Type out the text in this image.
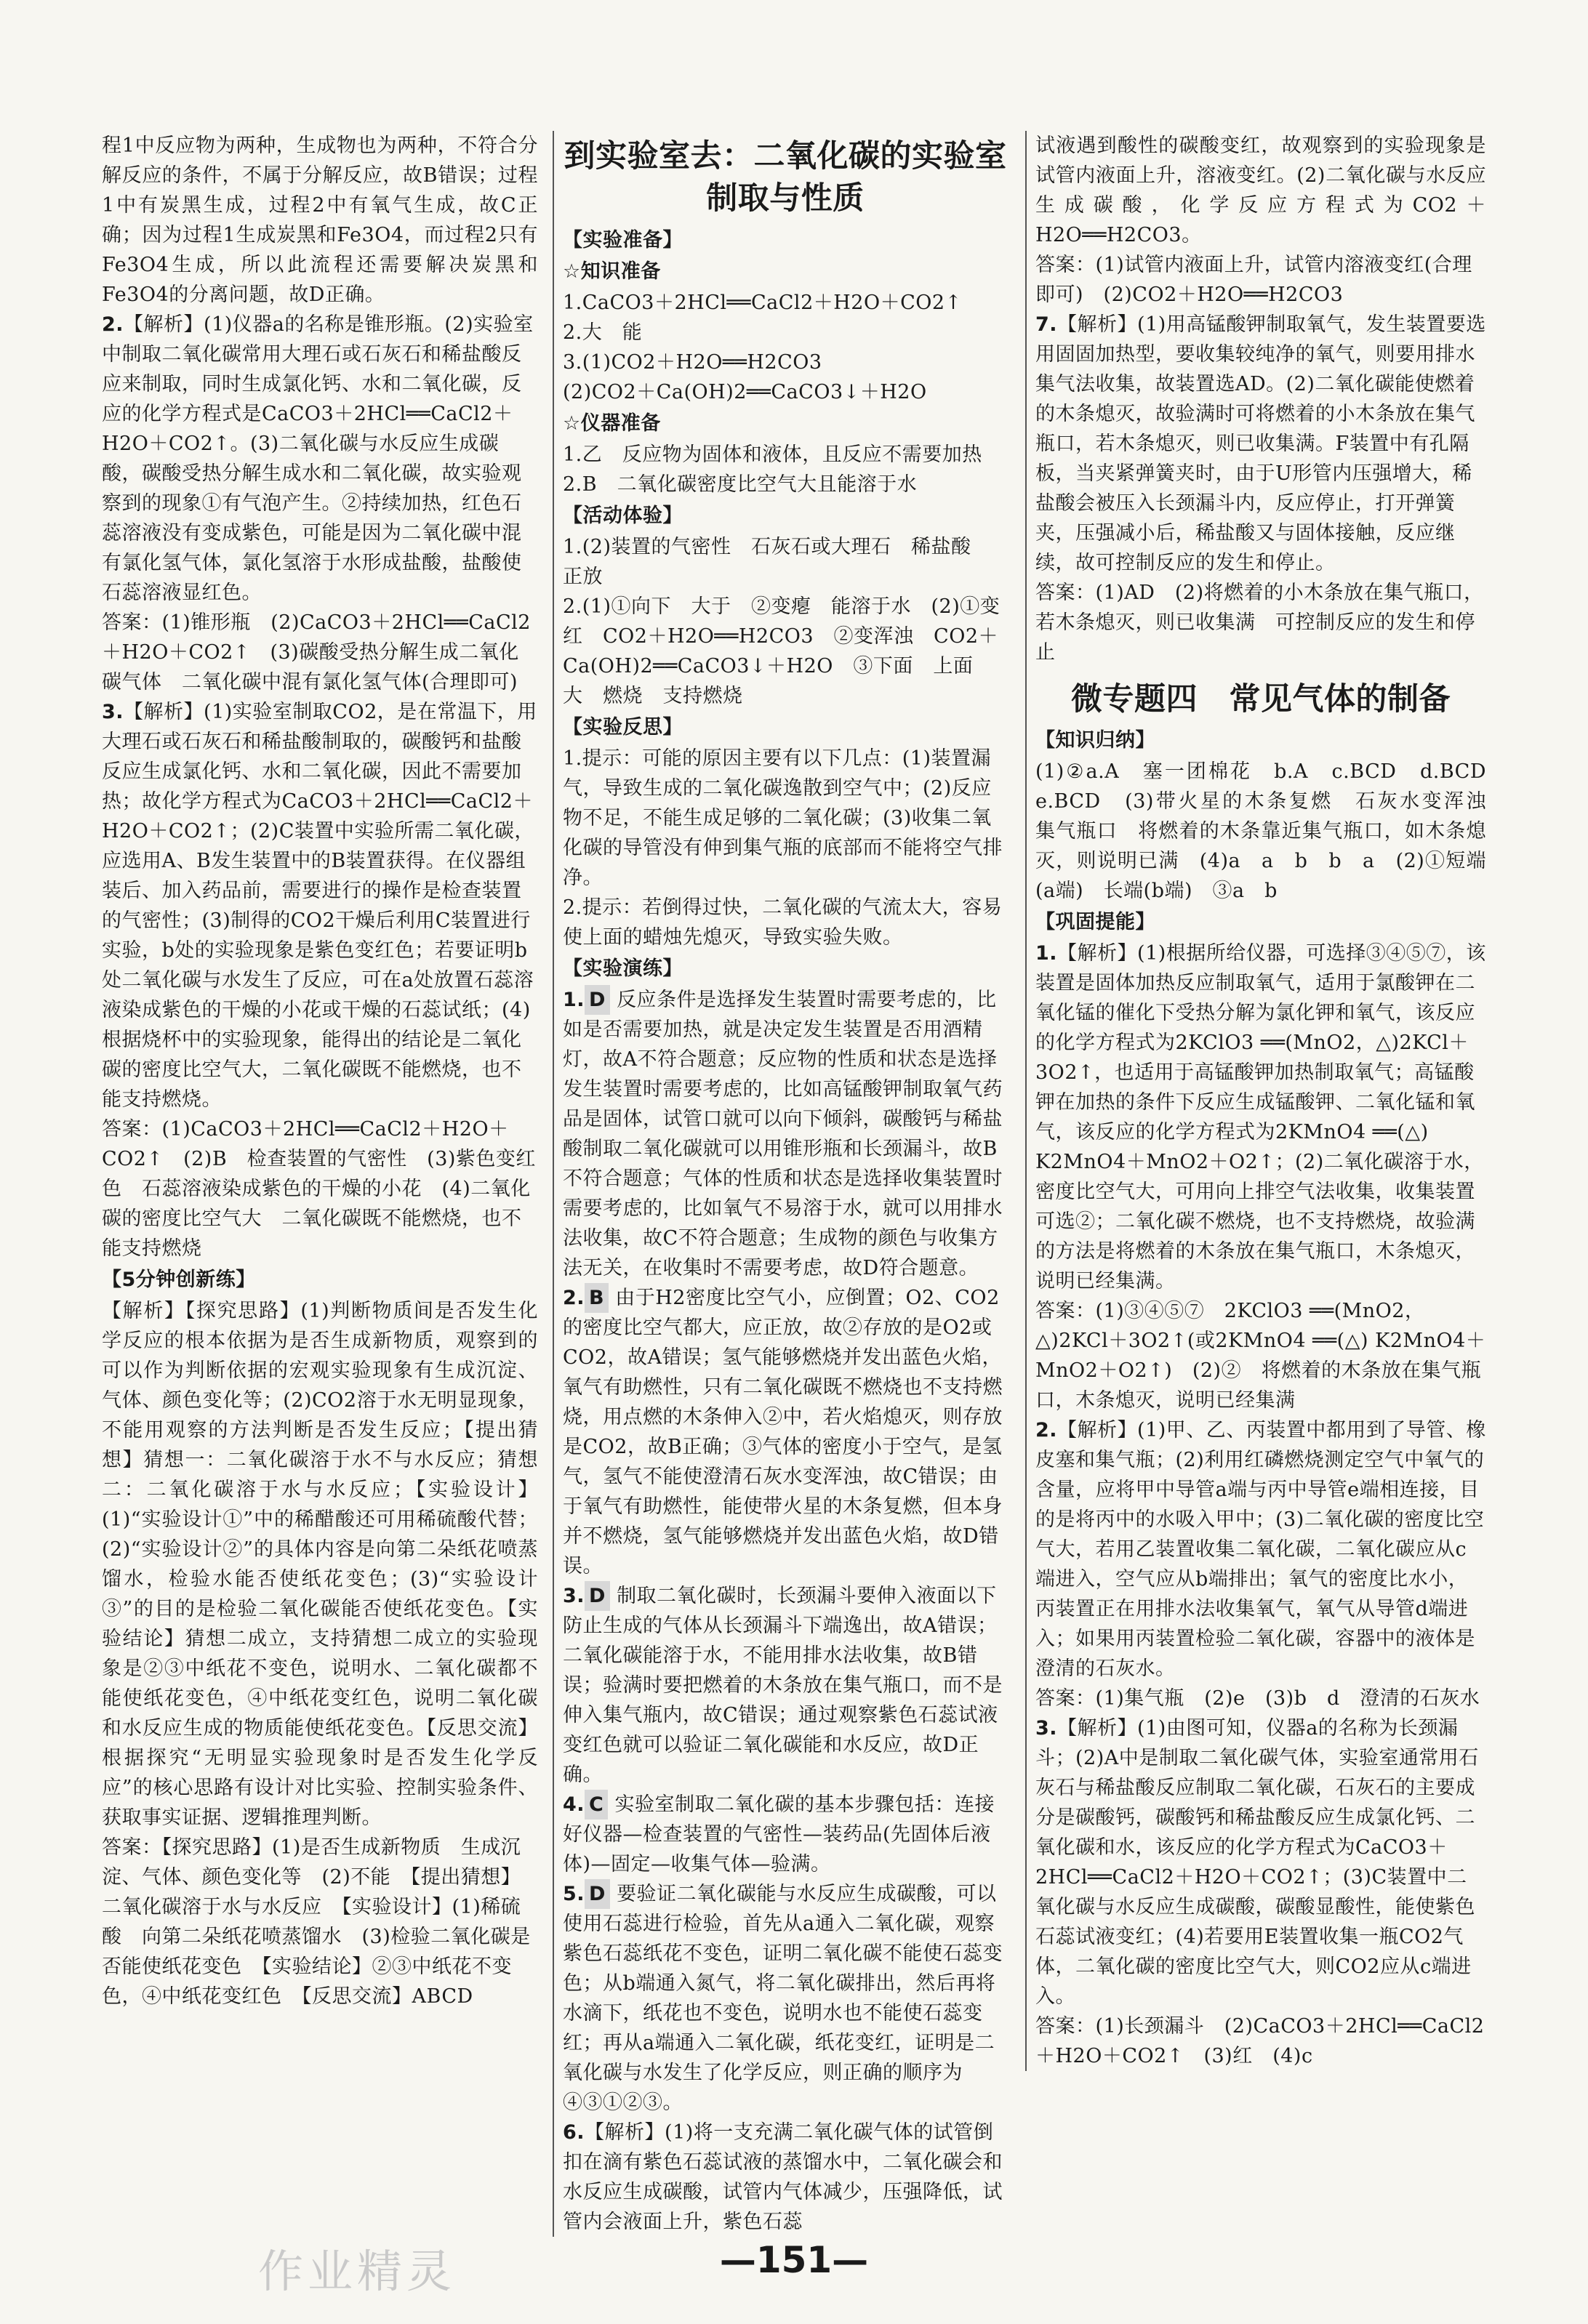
程1中反应物为两种，生成物也为两种，不符合分解反应的条件，不属于分解反应，故B错误；过程1中有炭黑生成，过程2中有氧气生成，故C正确；因为过程1生成炭黑和Fe3O4，而过程2只有Fe3O4生成，所以此流程还需要解决炭黑和Fe3O4的分离问题，故D正确。

2.【解析】(1)仪器a的名称是锥形瓶。(2)实验室中制取二氧化碳常用大理石或石灰石和稀盐酸反应来制取，同时生成氯化钙、水和二氧化碳，反应的化学方程式是CaCO3＋2HCl══CaCl2＋H2O＋CO2↑。(3)二氧化碳与水反应生成碳酸，碳酸受热分解生成水和二氧化碳，故实验观察到的现象①有气泡产生。②持续加热，红色石蕊溶液没有变成紫色，可能是因为二氧化碳中混有氯化氢气体，氯化氢溶于水形成盐酸，盐酸使石蕊溶液显红色。

答案：(1)锥形瓶　(2)CaCO3＋2HCl══CaCl2＋H2O＋CO2↑　(3)碳酸受热分解生成二氧化碳气体　二氧化碳中混有氯化氢气体(合理即可)

3.【解析】(1)实验室制取CO2，是在常温下，用大理石或石灰石和稀盐酸制取的，碳酸钙和盐酸反应生成氯化钙、水和二氧化碳，因此不需要加热；故化学方程式为CaCO3＋2HCl══CaCl2＋H2O＋CO2↑；(2)C装置中实验所需二氧化碳，应选用A、B发生装置中的B装置获得。在仪器组装后、加入药品前，需要进行的操作是检查装置的气密性；(3)制得的CO2干燥后利用C装置进行实验，b处的实验现象是紫色变红色；若要证明b处二氧化碳与水发生了反应，可在a处放置石蕊溶液染成紫色的干燥的小花或干燥的石蕊试纸；(4)根据烧杯中的实验现象，能得出的结论是二氧化碳的密度比空气大，二氧化碳既不能燃烧，也不能支持燃烧。

答案：(1)CaCO3＋2HCl══CaCl2＋H2O＋CO2↑　(2)B　检查装置的气密性　(3)紫色变红色　石蕊溶液染成紫色的干燥的小花　(4)二氧化碳的密度比空气大　二氧化碳既不能燃烧，也不能支持燃烧

【5分钟创新练】

【解析】【探究思路】(1)判断物质间是否发生化学反应的根本依据为是否生成新物质，观察到的可以作为判断依据的宏观实验现象有生成沉淀、气体、颜色变化等；(2)CO2溶于水无明显现象，不能用观察的方法判断是否发生反应；【提出猜想】猜想一：二氧化碳溶于水不与水反应；猜想二：二氧化碳溶于水与水反应；【实验设计】(1)“实验设计①”中的稀醋酸还可用稀硫酸代替；(2)“实验设计②”的具体内容是向第二朵纸花喷蒸馏水，检验水能否使纸花变色；(3)“实验设计③”的目的是检验二氧化碳能否使纸花变色。【实验结论】猜想二成立，支持猜想二成立的实验现象是②③中纸花不变色，说明水、二氧化碳都不能使纸花变色，④中纸花变红色，说明二氧化碳和水反应生成的物质能使纸花变色。【反思交流】根据探究“无明显实验现象时是否发生化学反应”的核心思路有设计对比实验、控制实验条件、获取事实证据、逻辑推理判断。

答案：【探究思路】(1)是否生成新物质　生成沉淀、气体、颜色变化等　(2)不能　【提出猜想】二氧化碳溶于水与水反应　【实验设计】(1)稀硫酸　向第二朵纸花喷蒸馏水　(3)检验二氧化碳是否能使纸花变色　【实验结论】②③中纸花不变色，④中纸花变红色　【反思交流】ABCD

到实验室去：二氧化碳的实验室制取与性质
【实验准备】
☆知识准备

1.CaCO3＋2HCl══CaCl2＋H2O＋CO2↑

2.大　能

3.(1)CO2＋H2O══H2CO3

(2)CO2＋Ca(OH)2══CaCO3↓＋H2O

☆仪器准备

1.乙　反应物为固体和液体，且反应不需要加热

2.B　二氧化碳密度比空气大且能溶于水

【活动体验】

1.(2)装置的气密性　石灰石或大理石　稀盐酸　正放

2.(1)①向下　大于　②变瘪　能溶于水　(2)①变红　CO2＋H2O══H2CO3　②变浑浊　CO2＋Ca(OH)2══CaCO3↓＋H2O　③下面　上面　大　燃烧　支持燃烧

【实验反思】

1.提示：可能的原因主要有以下几点：(1)装置漏气，导致生成的二氧化碳逸散到空气中；(2)反应物不足，不能生成足够的二氧化碳；(3)收集二氧化碳的导管没有伸到集气瓶的底部而不能将空气排净。

2.提示：若倒得过快，二氧化碳的气流太大，容易使上面的蜡烛先熄灭，导致实验失败。

【实验演练】

1. D 反应条件是选择发生装置时需要考虑的，比如是否需要加热，就是决定发生装置是否用酒精灯，故A不符合题意；反应物的性质和状态是选择发生装置时需要考虑的，比如高锰酸钾制取氧气药品是固体，试管口就可以向下倾斜，碳酸钙与稀盐酸制取二氧化碳就可以用锥形瓶和长颈漏斗，故B不符合题意；气体的性质和状态是选择收集装置时需要考虑的，比如氧气不易溶于水，就可以用排水法收集，故C不符合题意；生成物的颜色与收集方法无关，在收集时不需要考虑，故D符合题意。

2. B 由于H2密度比空气小，应倒置；O2、CO2的密度比空气都大，应正放，故②存放的是O2或CO2，故A错误；氢气能够燃烧并发出蓝色火焰，氧气有助燃性，只有二氧化碳既不燃烧也不支持燃烧，用点燃的木条伸入②中，若火焰熄灭，则存放是CO2，故B正确；③气体的密度小于空气，是氢气，氢气不能使澄清石灰水变浑浊，故C错误；由于氧气有助燃性，能使带火星的木条复燃，但本身并不燃烧，氢气能够燃烧并发出蓝色火焰，故D错误。

3. D 制取二氧化碳时，长颈漏斗要伸入液面以下防止生成的气体从长颈漏斗下端逸出，故A错误；二氧化碳能溶于水，不能用排水法收集，故B错误；验满时要把燃着的木条放在集气瓶口，而不是伸入集气瓶内，故C错误；通过观察紫色石蕊试液变红色就可以验证二氧化碳能和水反应，故D正确。

4. C 实验室制取二氧化碳的基本步骤包括：连接好仪器—检查装置的气密性—装药品(先固体后液体)—固定—收集气体—验满。

5. D 要验证二氧化碳能与水反应生成碳酸，可以使用石蕊进行检验，首先从a通入二氧化碳，观察紫色石蕊纸花不变色，证明二氧化碳不能使石蕊变色；从b端通入氮气，将二氧化碳排出，然后再将水滴下，纸花也不变色，说明水也不能使石蕊变红；再从a端通入二氧化碳，纸花变红，证明是二氧化碳与水发生了化学反应，则正确的顺序为④③①②③。

6.【解析】(1)将一支充满二氧化碳气体的试管倒扣在滴有紫色石蕊试液的蒸馏水中，二氧化碳会和水反应生成碳酸，试管内气体减少，压强降低，试管内会液面上升，紫色石蕊

试液遇到酸性的碳酸变红，故观察到的实验现象是试管内液面上升，溶液变红。(2)二氧化碳与水反应生成碳酸，化学反应方程式为CO2＋H2O══H2CO3。

答案：(1)试管内液面上升，试管内溶液变红(合理即可)　(2)CO2＋H2O══H2CO3

7.【解析】(1)用高锰酸钾制取氧气，发生装置要选用固固加热型，要收集较纯净的氧气，则要用排水集气法收集，故装置选AD。(2)二氧化碳能使燃着的木条熄灭，故验满时可将燃着的小木条放在集气瓶口，若木条熄灭，则已收集满。F装置中有孔隔板，当夹紧弹簧夹时，由于U形管内压强增大，稀盐酸会被压入长颈漏斗内，反应停止，打开弹簧夹，压强减小后，稀盐酸又与固体接触，反应继续，故可控制反应的发生和停止。

答案：(1)AD　(2)将燃着的小木条放在集气瓶口，若木条熄灭，则已收集满　可控制反应的发生和停止

微专题四　常见气体的制备
【知识归纳】

(1)②a.A　塞一团棉花　b.A　c.BCD　d.BCD　e.BCD　(3)带火星的木条复燃　石灰水变浑浊　集气瓶口　将燃着的木条靠近集气瓶口，如木条熄灭，则说明已满　(4)a　a　b　b　a　(2)①短端(a端)　长端(b端)　③a　b

【巩固提能】

1.【解析】(1)根据所给仪器，可选择③④⑤⑦，该装置是固体加热反应制取氧气，适用于氯酸钾在二氧化锰的催化下受热分解为氯化钾和氧气，该反应的化学方程式为2KClO3 ══(MnO2，△)2KCl＋3O2↑，也适用于高锰酸钾加热制取氧气；高锰酸钾在加热的条件下反应生成锰酸钾、二氧化锰和氧气，该反应的化学方程式为2KMnO4 ══(△) K2MnO4＋MnO2＋O2↑；(2)二氧化碳溶于水，密度比空气大，可用向上排空气法收集，收集装置可选②；二氧化碳不燃烧，也不支持燃烧，故验满的方法是将燃着的木条放在集气瓶口，木条熄灭，说明已经集满。

答案：(1)③④⑤⑦　2KClO3 ══(MnO2，△)2KCl＋3O2↑(或2KMnO4 ══(△) K2MnO4＋MnO2＋O2↑)　(2)②　将燃着的木条放在集气瓶口，木条熄灭，说明已经集满

2.【解析】(1)甲、乙、丙装置中都用到了导管、橡皮塞和集气瓶；(2)利用红磷燃烧测定空气中氧气的含量，应将甲中导管a端与丙中导管e端相连接，目的是将丙中的水吸入甲中；(3)二氧化碳的密度比空气大，若用乙装置收集二氧化碳，二氧化碳应从c端进入，空气应从b端排出；氧气的密度比水小，丙装置正在用排水法收集氧气，氧气从导管d端进入；如果用丙装置检验二氧化碳，容器中的液体是澄清的石灰水。

答案：(1)集气瓶　(2)e　(3)b　d　澄清的石灰水

3.【解析】(1)由图可知，仪器a的名称为长颈漏斗；(2)A中是制取二氧化碳气体，实验室通常用石灰石与稀盐酸反应制取二氧化碳，石灰石的主要成分是碳酸钙，碳酸钙和稀盐酸反应生成氯化钙、二氧化碳和水，该反应的化学方程式为CaCO3＋2HCl══CaCl2＋H2O＋CO2↑；(3)C装置中二氧化碳与水反应生成碳酸，碳酸显酸性，能使紫色石蕊试液变红；(4)若要用E装置收集一瓶CO2气体，二氧化碳的密度比空气大，则CO2应从c端进入。

答案：(1)长颈漏斗　(2)CaCO3＋2HCl══CaCl2＋H2O＋CO2↑　(3)红　(4)c

作业精灵	—151—
